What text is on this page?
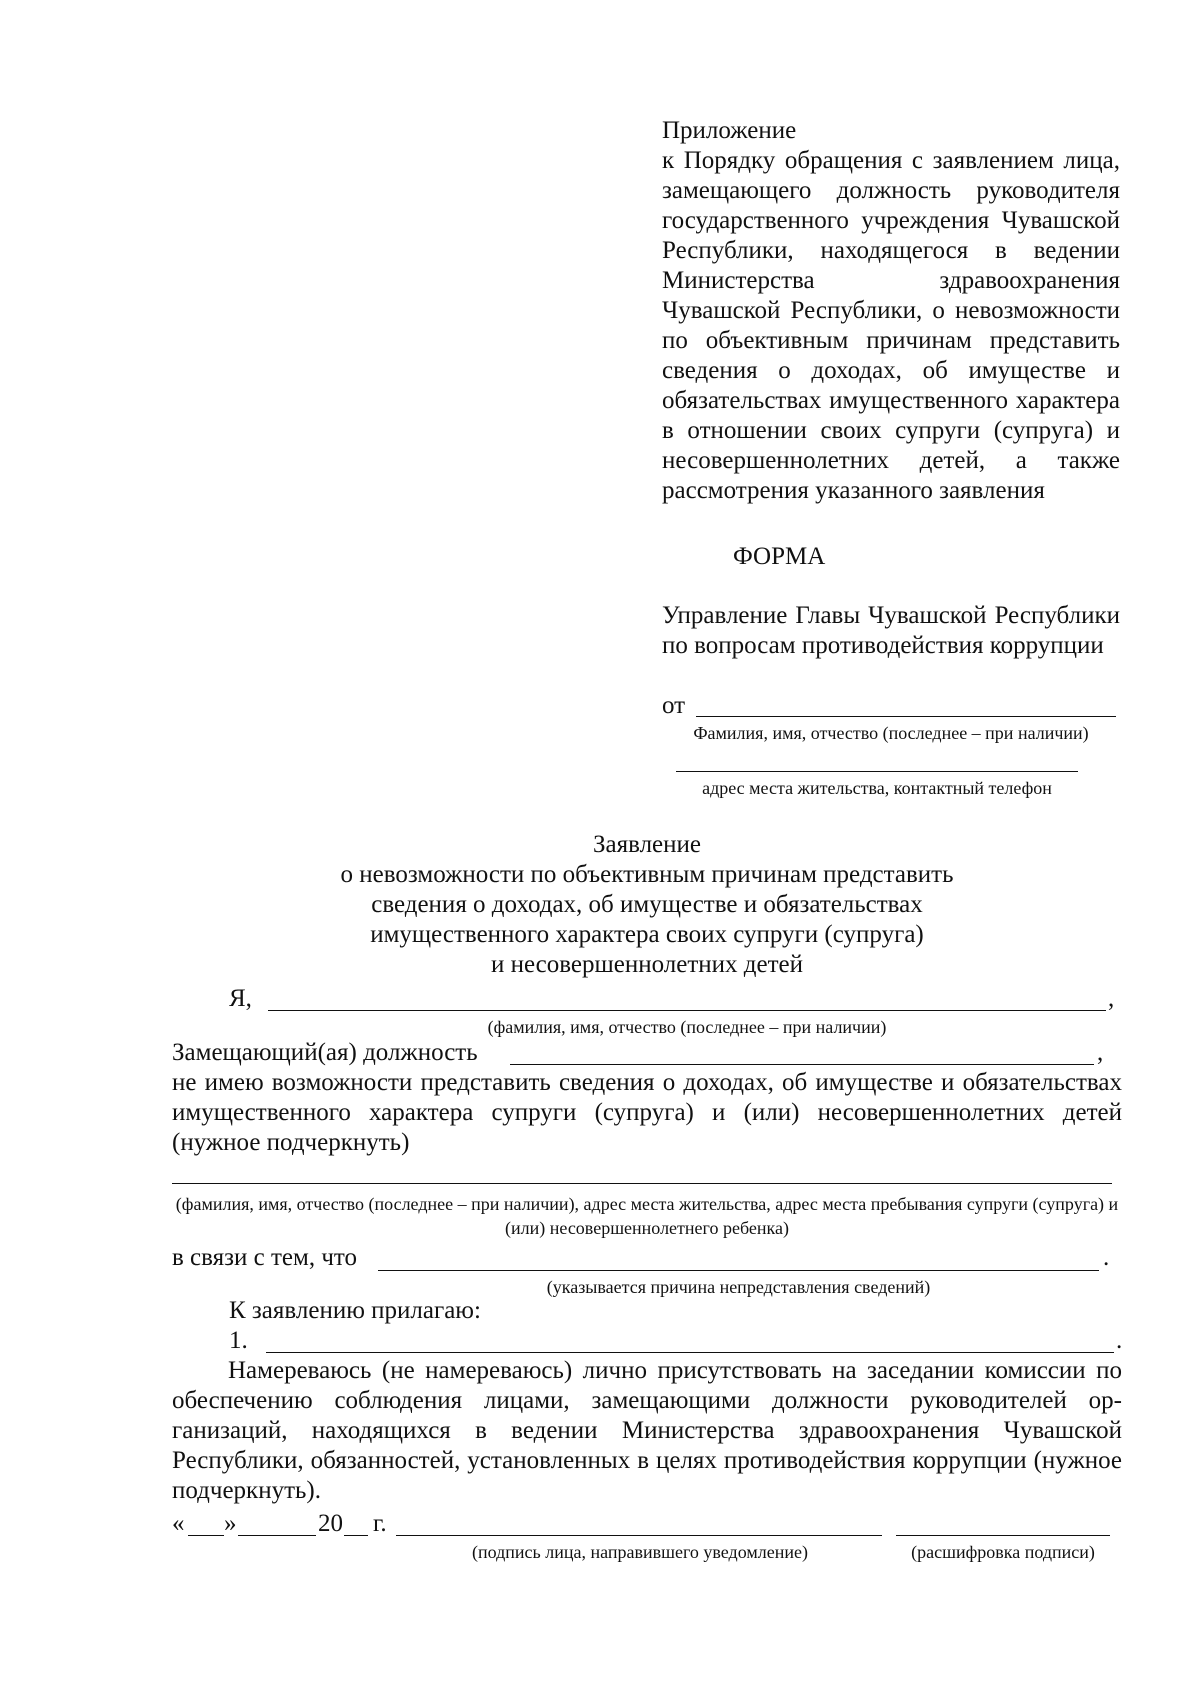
Приложение
к Порядку обращения с заявлением лица, замещающего должность руководителя государственного учреждения Чувашской Республики, находящегося в ведении Министерства здравоохранения Чувашской Республики, о невозможности по объективным причинам представить сведения о доходах, об имуществе и обязательствах имущественного характера в отношении своих супруги (супруга) и несовершеннолетних детей, а также рассмотрения указанного заявления
ФОРМА
Управление Главы Чувашской Республики по вопросам противодействия коррупции
от
Фамилия, имя, отчество (последнее – при наличии)
адрес места жительства, контактный телефон
Заявление
о невозможности по объективным причинам представить
сведения о доходах, об имуществе и обязательствах
имущественного характера своих супруги (супруга)
и несовершеннолетних детей
Я,	,
(фамилия, имя, отчество (последнее – при наличии)
Замещающий(ая) должность	,
не имею возможности представить сведения о доходах, об имуществе и обязательствах имущественного характера супруги (супруга) и (или) несовершеннолетних детей (нужное подчеркнуть)
(фамилия, имя, отчество (последнее – при наличии), адрес места жительства, адрес места пребывания супруги (супруга) и (или) несовершеннолетнего ребенка)
в связи с тем, что	.
(указывается причина непредставления сведений)
К заявлению прилагаю:
1.	.
Намереваюсь (не намереваюсь) лично присутствовать на заседании комиссии по обеспечению соблюдения лицами, замещающими должности руководителей организаций, находящихся в ведении Министерства здравоохранения Чувашской Республики, обязанностей, установленных в целях противодействия коррупции (нужное подчеркнуть).
« »	20 г.
(подпись лица, направившего уведомление)	(расшифровка подписи)
